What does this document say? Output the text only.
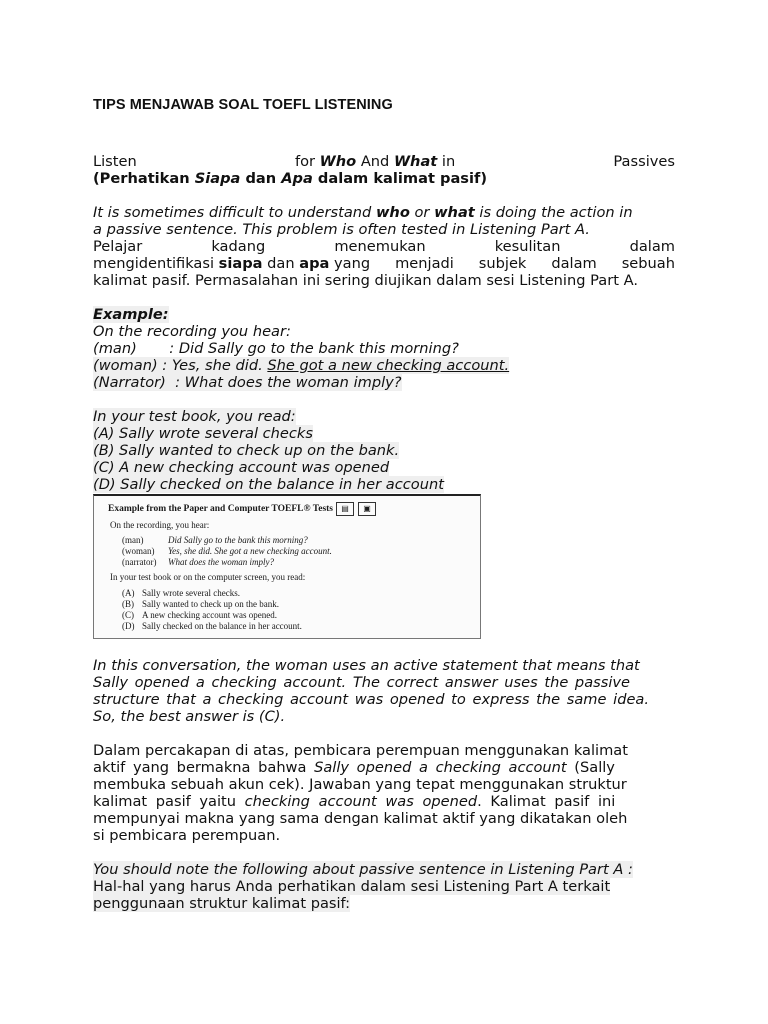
TIPS MENJAWAB SOAL TOEFL LISTENING
Listen	for Who And What in	Passives
(Perhatikan Siapa dan Apa dalam kalimat pasif)
It is sometimes difficult to understand who or what is doing the action in
a passive sentence. This problem is often tested in Listening Part A.
Pelajar	kadang	menemukan	kesulitan	dalam
mengidentifikasi siapa dan apa yang menjadi subjek dalam sebuah
kalimat pasif. Permasalahan ini sering diujikan dalam sesi Listening Part A.
Example:
On the recording you hear:
(man)       : Did Sally go to the bank this morning?
(woman) : Yes, she did. She got a new checking account.
(Narrator)  : What does the woman imply?
In your test book, you read:
(A) Sally wrote several checks
(B) Sally wanted to check up on the bank.
(C) A new checking account was opened
(D) Sally checked on the balance in her account
Example from the Paper and Computer TOEFL® Tests	▤	▣
On the recording, you hear:
(man)	Did Sally go to the bank this morning?
(woman) Yes, she did. She got a new checking account.
(narrator) What does the woman imply?
In your test book or on the computer screen, you read:
(A) Sally wrote several checks.
(B) Sally wanted to check up on the bank.
(C) A new checking account was opened.
(D) Sally checked on the balance in her account.
In this conversation, the woman uses an active statement that means that
Sally opened a checking account. The correct answer uses the passive
structure that a checking account was opened to express the same idea.
So, the best answer is (C).
Dalam percakapan di atas, pembicara perempuan menggunakan kalimat
aktif yang bermakna bahwa Sally opened a checking account (Sally
membuka sebuah akun cek). Jawaban yang tepat menggunakan struktur
kalimat pasif yaitu checking account was opened. Kalimat pasif ini
mempunyai makna yang sama dengan kalimat aktif yang dikatakan oleh
si pembicara perempuan.
You should note the following about passive sentence in Listening Part A :
Hal-hal yang harus Anda perhatikan dalam sesi Listening Part A terkait
penggunaan struktur kalimat pasif:
